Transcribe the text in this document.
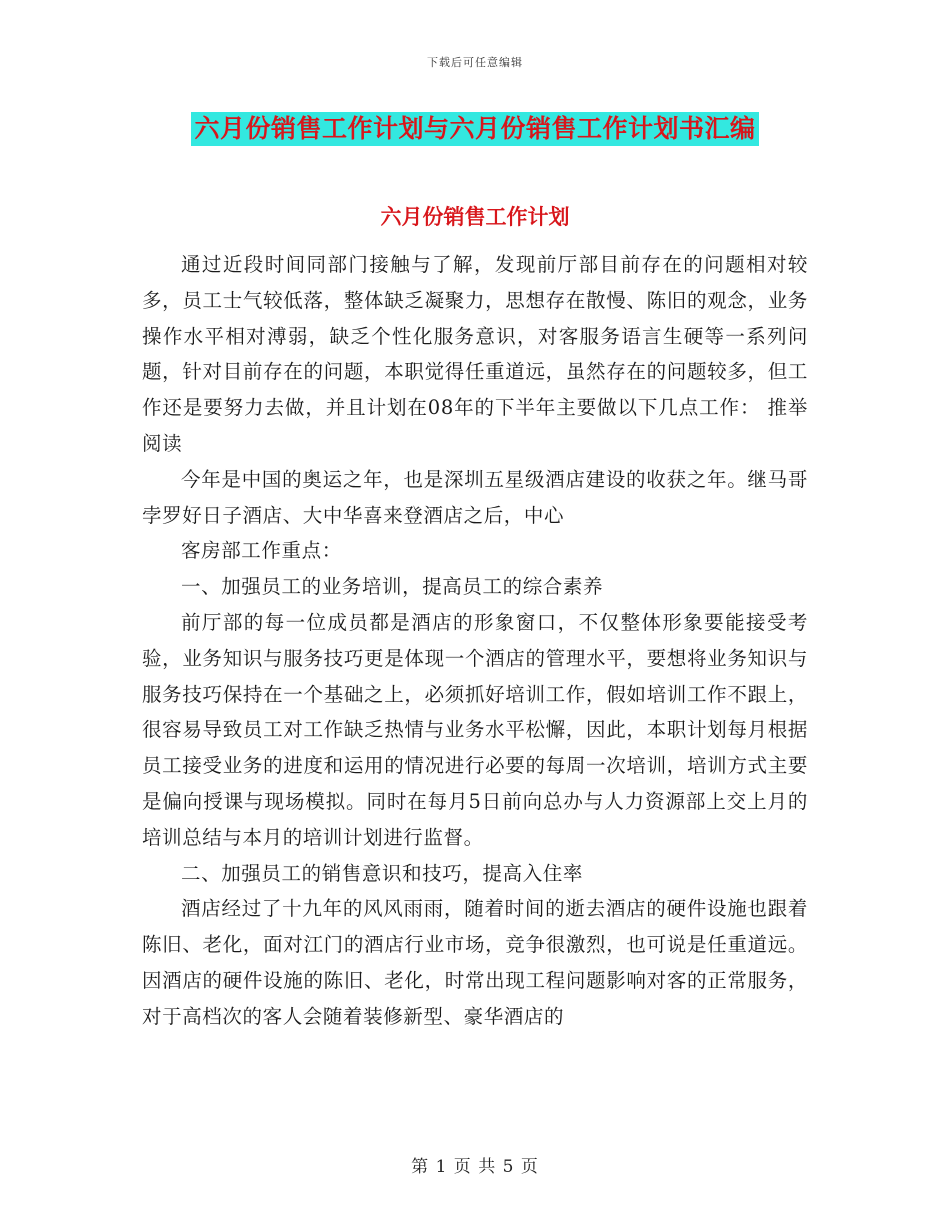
下载后可任意编辑
六月份销售工作计划与六月份销售工作计划书汇编
六月份销售工作计划

通过近段时间同部门接触与了解，发现前厅部目前存在的问题相对较多，员工士气较低落，整体缺乏凝聚力，思想存在散慢、陈旧的观念，业务操作水平相对溥弱，缺乏个性化服务意识，对客服务语言生硬等一系列问题，针对目前存在的问题，本职觉得任重道远，虽然存在的问题较多，但工作还是要努力去做，并且计划在08年的下半年主要做以下几点工作： 推举阅读

今年是中国的奥运之年，也是深圳五星级酒店建设的收获之年。继马哥孛罗好日子酒店、大中华喜来登酒店之后，中心

客房部工作重点：

一、加强员工的业务培训，提高员工的综合素养

前厅部的每一位成员都是酒店的形象窗口，不仅整体形象要能接受考验，业务知识与服务技巧更是体现一个酒店的管理水平，要想将业务知识与服务技巧保持在一个基础之上，必须抓好培训工作，假如培训工作不跟上，很容易导致员工对工作缺乏热情与业务水平松懈，因此，本职计划每月根据员工接受业务的进度和运用的情况进行必要的每周一次培训，培训方式主要是偏向授课与现场模拟。同时在每月5日前向总办与人力资源部上交上月的培训总结与本月的培训计划进行监督。

二、加强员工的销售意识和技巧，提高入住率

酒店经过了十九年的风风雨雨，随着时间的逝去酒店的硬件设施也跟着陈旧、老化，面对江门的酒店行业市场，竞争很激烈，也可说是任重道远。因酒店的硬件设施的陈旧、老化，时常出现工程问题影响对客的正常服务，对于高档次的客人会随着装修新型、豪华酒店的

第 1 页 共 5 页
